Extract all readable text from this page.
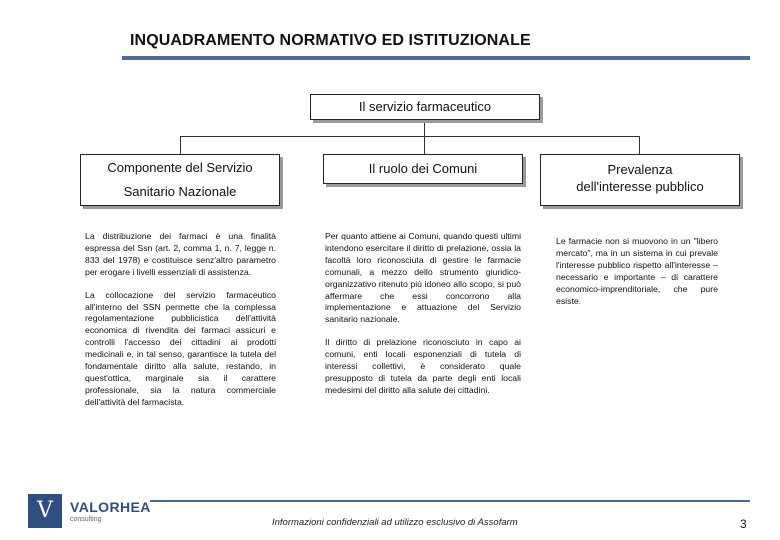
INQUADRAMENTO NORMATIVO ED ISTITUZIONALE
Il servizio farmaceutico
Componente del Servizio
Sanitario Nazionale
Il ruolo dei Comuni	Prevalenza
dell'interesse pubblico

La distribuzione dei farmaci è una finalità espressa del Ssn (art. 2, comma 1, n. 7, legge n. 833 del 1978) e costituisce senz'altro parametro per erogare i livelli essenziali di assistenza.

La collocazione del servizio farmaceutico all'interno del SSN permette che la complessa regolamentazione pubblicistica dell'attività economica di rivendita dei farmaci assicuri e controlli l'accesso dei cittadini ai prodotti medicinali e, in tal senso, garantisce la tutela del fondamentale diritto alla salute, restando, in quest'ottica, marginale sia il carattere professionale, sia la natura commerciale dell'attività del farmacista.

Per quanto attiene ai Comuni, quando questi ultimi intendono esercitare il diritto di prelazione, ossia la facoltà loro riconosciuta di gestire le farmacie comunali, a mezzo dello strumento giuridico-organizzativo ritenuto più idoneo allo scopo, si può affermare che essi concorrono alla implementazione e attuazione del Servizio sanitario nazionale.

Il diritto di prelazione riconosciuto in capo ai comuni, enti locali esponenziali di tutela di interessi collettivi, è considerato quale presupposto di tutela da parte degli enti locali medesimi del diritto alla salute dei cittadini.

Le farmacie non si muovono in un "libero mercato", ma in un sistema in cui prevale l'interesse pubblico rispetto all'interesse – necessario e importante – di carattere economico-imprenditoriale, che pure esiste.

V	VALORHEA
consulting	Informazioni confidenziali ad utilizzo esclusivo di Assofarm	3
